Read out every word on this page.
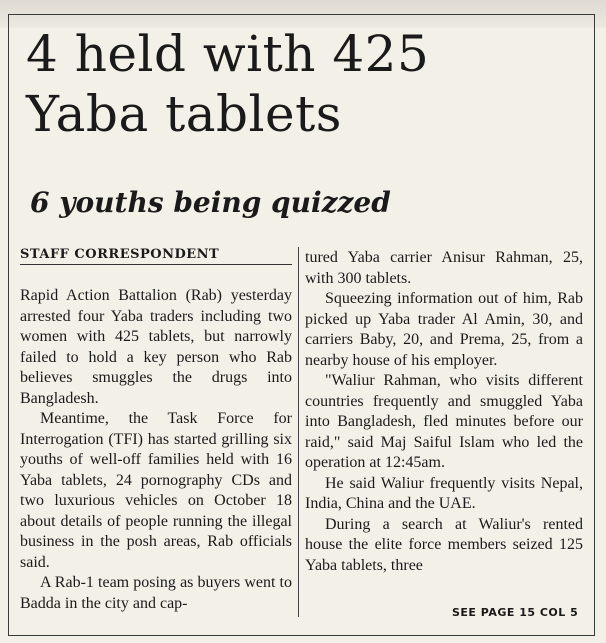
4 held with 425
Yaba tablets
6 youths being quizzed
STAFF CORRESPONDENT

Rapid Action Battalion (Rab) yesterday arrested four Yaba traders including two women with 425 tablets, but narrowly failed to hold a key person who Rab believes smuggles the drugs into Bangladesh.

Meantime, the Task Force for Interrogation (TFI) has started grilling six youths of well-off families held with 16 Yaba tablets, 24 pornography CDs and two luxurious vehicles on October 18 about details of people running the illegal business in the posh areas, Rab officials said.

A Rab-1 team posing as buyers went to Badda in the city and cap-

tured Yaba carrier Anisur Rahman, 25, with 300 tablets.

Squeezing information out of him, Rab picked up Yaba trader Al Amin, 30, and carriers Baby, 20, and Prema, 25, from a nearby house of his employer.

"Waliur Rahman, who visits different countries frequently and smuggled Yaba into Bangladesh, fled minutes before our raid," said Maj Saiful Islam who led the operation at 12:45am.

He said Waliur frequently visits Nepal, India, China and the UAE.

During a search at Waliur's rented house the elite force members seized 125 Yaba tablets, three

SEE PAGE 15 COL 5
